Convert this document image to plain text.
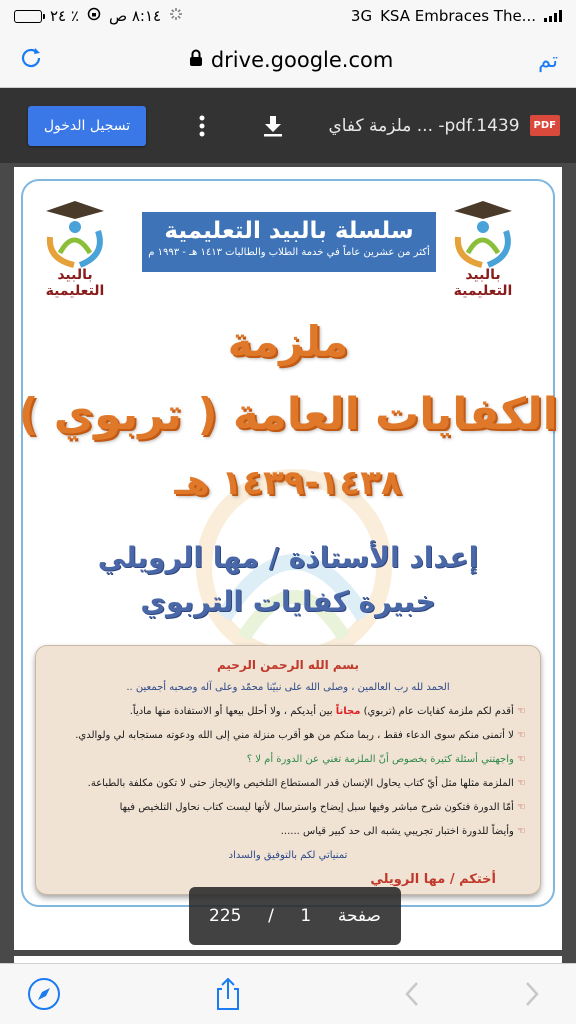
٢٤ ٪ ٨:١٤ ص	3G KSA Embraces The...
drive.google.com	تم
تسجيل الدخول	ملزمة كفاي ... -pdf.1439	PDF
بالبيد التعليمية
بالبيد التعليمية
سلسلة بالبيد التعليمية
أكثر من عشرين عاماً في خدمة الطلاب والطالبات ١٤١٣ هـ - ١٩٩٣ م
ملزمة
الكفايات العامة ( تربوي )
١٤٣٨-١٤٣٩ هـ
إعداد الأستاذة / مها الرويلي
خبيرة كفايات التربوي
بسم الله الرحمن الرحيم
الحمد لله رب العالمين ، وصلى الله على نبيّنا محمّد وعلى آله وصحبه أجمعين ..
☜ أقدم لكم ملزمة كفايات عام (تربوي) مجاناً بين أيديكم ، ولا أحلل بيعها أو الاستفادة منها مادياً.
☜ لا أتمنى منكم سوى الدعاء فقط ، ربما منكم من هو أقرب منزلة مني إلى الله ودعوته مستجابه لي ولوالدي.
☜ واجهتني أسئلة كثيرة بخصوص أنّ الملزمة تغني عن الدورة أم لا ؟
☜ الملزمة مثلها مثل أيّ كتاب يحاول الإنسان قدر المستطاع التلخيص والإيجاز حتى لا تكون مكلفة بالطباعة.
☜ أمّا الدورة فتكون شرح مباشر وفيها سبل إيضاح واسترسال لأنها ليست كتاب نحاول التلخيص فيها
☜ وأيضاً للدورة اختبار تجريبي يشبه الى حد كبير قياس ......
تمنياتي لكم بالتوفيق والسداد
أختكم / مها الرويلي
225 / 1 صفحة
